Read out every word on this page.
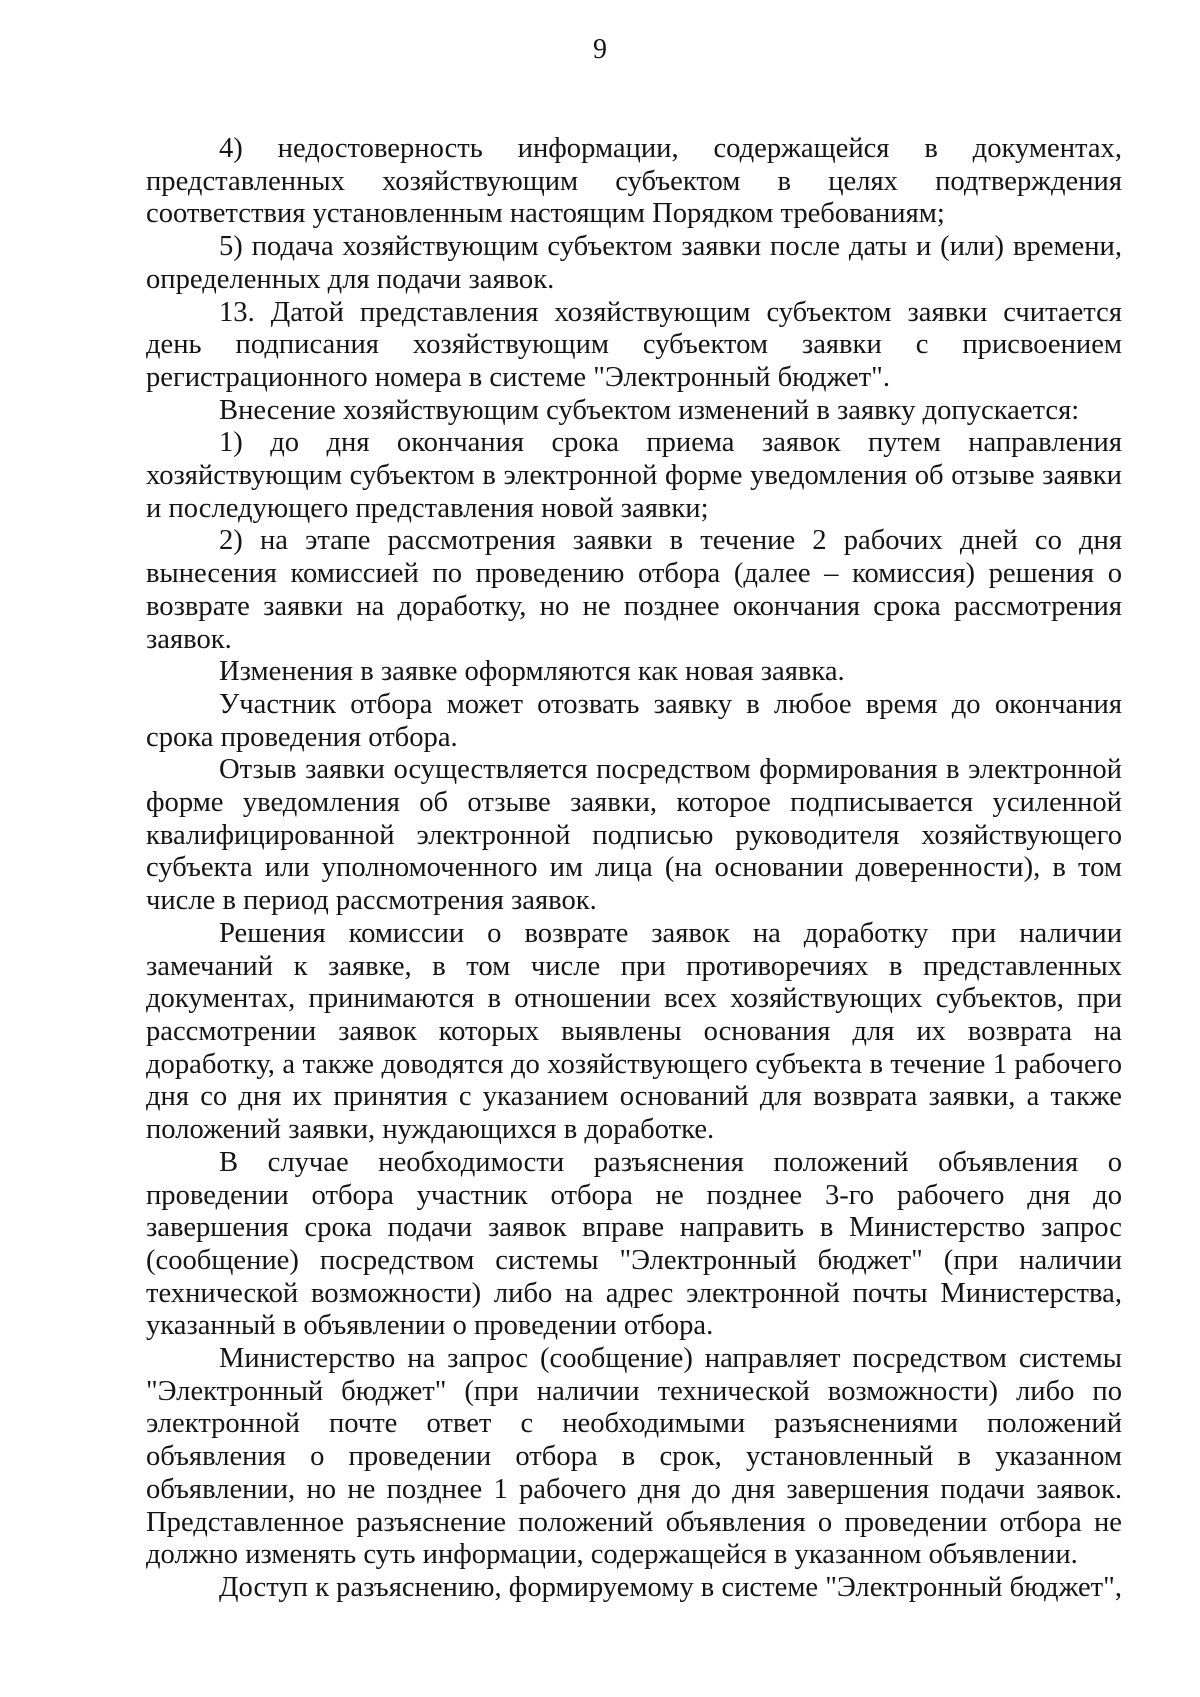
9

4) недостоверность информации, содержащейся в документах, представленных хозяйствующим субъектом в целях подтверждения соответствия установленным настоящим Порядком требованиям;

5) подача хозяйствующим субъектом заявки после даты и (или) времени, определенных для подачи заявок.

13. Датой представления хозяйствующим субъектом заявки считается день подписания хозяйствующим субъектом заявки с присвоением регистрационного номера в системе "Электронный бюджет".

Внесение хозяйствующим субъектом изменений в заявку допускается:

1) до дня окончания срока приема заявок путем направления хозяйствующим субъектом в электронной форме уведомления об отзыве заявки и последующего представления новой заявки;

2) на этапе рассмотрения заявки в течение 2 рабочих дней со дня вынесения комиссией по проведению отбора (далее – комиссия) решения о возврате заявки на доработку, но не позднее окончания срока рассмотрения заявок.

Изменения в заявке оформляются как новая заявка.

Участник отбора может отозвать заявку в любое время до окончания срока проведения отбора.

Отзыв заявки осуществляется посредством формирования в электронной форме уведомления об отзыве заявки, которое подписывается усиленной квалифицированной электронной подписью руководителя хозяйствующего субъекта или уполномоченного им лица (на основании доверенности), в том числе в период рассмотрения заявок.

Решения комиссии о возврате заявок на доработку при наличии замечаний к заявке, в том числе при противоречиях в представленных документах, принимаются в отношении всех хозяйствующих субъектов, при рассмотрении заявок которых выявлены основания для их возврата на доработку, а также доводятся до хозяйствующего субъекта в течение 1 рабочего дня со дня их принятия с указанием оснований для возврата заявки, а также положений заявки, нуждающихся в доработке.

В случае необходимости разъяснения положений объявления о проведении отбора участник отбора не позднее 3-го рабочего дня до завершения срока подачи заявок вправе направить в Министерство запрос (сообщение) посредством системы "Электронный бюджет" (при наличии технической возможности) либо на адрес электронной почты Министерства, указанный в объявлении о проведении отбора.

Министерство на запрос (сообщение) направляет посредством системы "Электронный бюджет" (при наличии технической возможности) либо по электронной почте ответ с необходимыми разъяснениями положений объявления о проведении отбора в срок, установленный в указанном объявлении, но не позднее 1 рабочего дня до дня завершения подачи заявок. Представленное разъяснение положений объявления о проведении отбора не должно изменять суть информации, содержащейся в указанном объявлении.

Доступ к разъяснению, формируемому в системе "Электронный бюджет",
